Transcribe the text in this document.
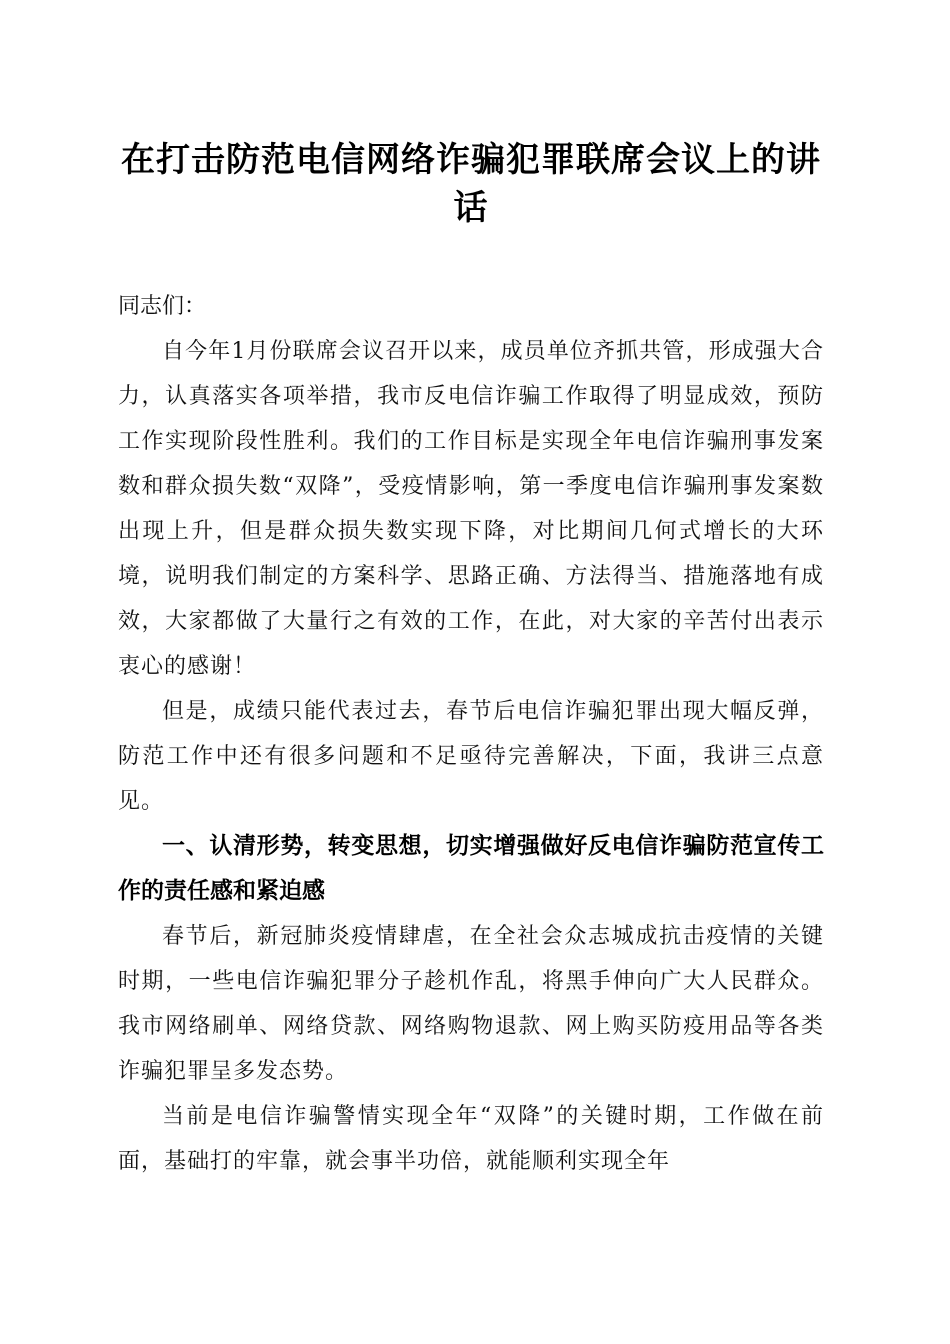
在打击防范电信网络诈骗犯罪联席会议上的讲话

同志们：

自今年1月份联席会议召开以来，成员单位齐抓共管，形成强大合力，认真落实各项举措，我市反电信诈骗工作取得了明显成效，预防工作实现阶段性胜利。我们的工作目标是实现全年电信诈骗刑事发案数和群众损失数“双降”，受疫情影响，第一季度电信诈骗刑事发案数出现上升，但是群众损失数实现下降，对比期间几何式增长的大环境，说明我们制定的方案科学、思路正确、方法得当、措施落地有成效，大家都做了大量行之有效的工作，在此，对大家的辛苦付出表示衷心的感谢！

但是，成绩只能代表过去，春节后电信诈骗犯罪出现大幅反弹，防范工作中还有很多问题和不足亟待完善解决，下面，我讲三点意见。

一、认清形势，转变思想，切实增强做好反电信诈骗防范宣传工作的责任感和紧迫感

春节后，新冠肺炎疫情肆虐，在全社会众志城成抗击疫情的关键时期，一些电信诈骗犯罪分子趁机作乱，将黑手伸向广大人民群众。我市网络刷单、网络贷款、网络购物退款、网上购买防疫用品等各类诈骗犯罪呈多发态势。

当前是电信诈骗警情实现全年“双降”的关键时期，工作做在前面，基础打的牢靠，就会事半功倍，就能顺利实现全年
